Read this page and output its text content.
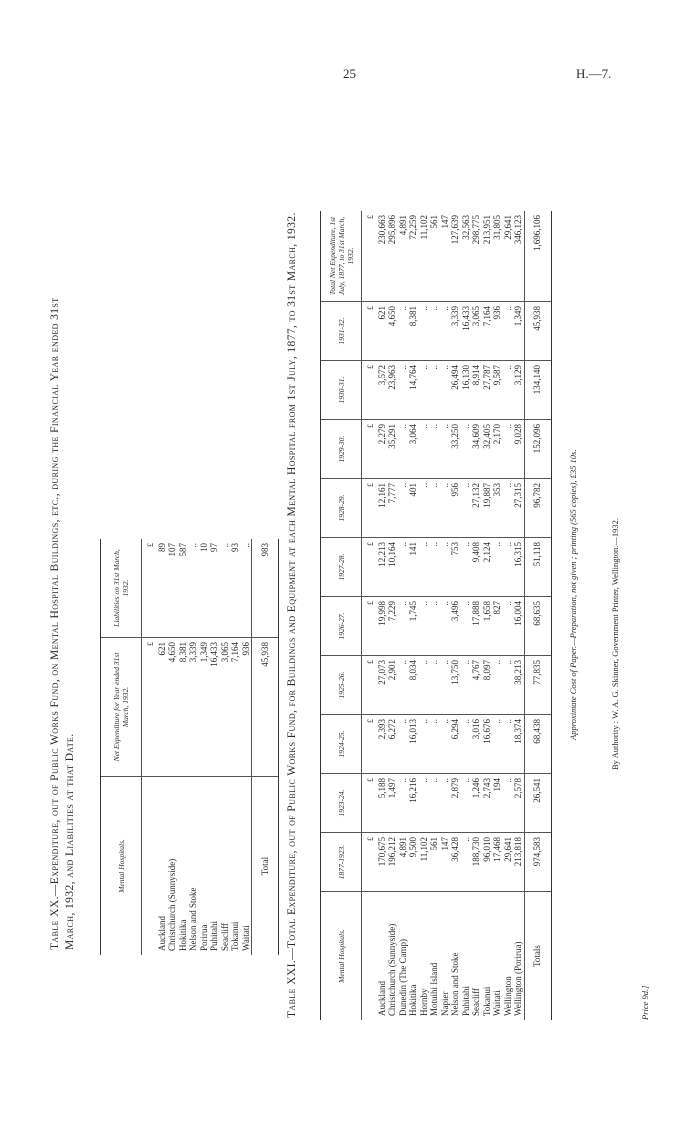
25	H.—7.
Table XX.—Expenditure, out of Public Works Fund, on Mental Hospital Buildings, etc., during the Financial Year ended 31st March, 1932, and Liabilities at that Date.	Mental Hospitals.	Net Expenditure for Year ended 31st March, 1932.	Liabilities on 31st March, 1932.
	£	£
Auckland	621	89
Christchurch (Sunnyside)	4,650	107
Hokitika	8,381	587
Nelson and Stoke	3,339	..
Porirua	1,349	10
Puhitahi	16,433	97
Seacliff	3,065	..
Tokanui	7,164	93
Waitati	936	..
Total	45,938	983 Table XXI.—Total Expenditure, out of Public Works Fund, for Buildings and Equipment at each Mental Hospital from 1st July, 1877, to 31st March, 1932.	Mental Hospitals.	1877-1923.	1923-24.	1924-25.	1925-26.	1926-27.	1927-28.	1928-29.	1929-30.	1930-31.	1931-32.	Total Net Expenditure, 1st July, 1877, to 31st March, 1932.
	£	£	£	£	£	£	£	£	£	£	£
Auckland	170,675	5,188	2,393	27,073	19,998	12,213	12,161	2,279	3,572	621	230,663
Christchurch (Sunnyside)	196,212	1,497	6,272	2,901	7,229	10,164	7,777	35,291	23,963	4,650	295,896
Dunedin (The Camp)	4,891	..	..	..	..	..	..	..	..	..	4,891
Hokitika	9,500	16,216	16,013	8,034	1,745	141	401	3,064	14,764	8,381	72,259
Hornby	11,102	..	..	..	..	..	..	..	..	..	11,102
Motuihi Island	561	..	..	..	..	..	..	..	..	..	561
Napier	147	..	..	..	..	..	..	..	..	..	147
Nelson and Stoke	36,428	2,879	6,294	13,750	3,496	753	956	33,250	26,494	3,339	127,639
Puhitahi	..	..	..	..	..	..	..	..	16,130	16,433	32,563
Seacliff	188,730	1,246	3,016	4,767	17,888	9,408	27,132	34,609	8,914	3,065	298,775
Tokanui	96,010	2,743	16,676	8,097	1,658	2,124	19,887	32,405	27,787	7,164	213,951
Waitati	17,468	194	..	..	827	..	353	2,170	9,587	936	31,805
Wellington	29,641	..	..	..	..	..	..	..	..	..	29,641
Wellington (Porirua)	213,818	2,578	18,374	38,213	16,004	16,315	27,315	9,028	3,129	1,349	346,123
Totals	974,583	26,541	68,438	77,835	68,635	51,118	96,782	152,096	134,140	45,938	1,696,106
Approximate Cost of Paper.—Preparation, not given ; printing (565 copies), £35 10s.	By Authority : W. A. G. Skinner, Government Printer, Wellington.—1932.
Price 9d.]
